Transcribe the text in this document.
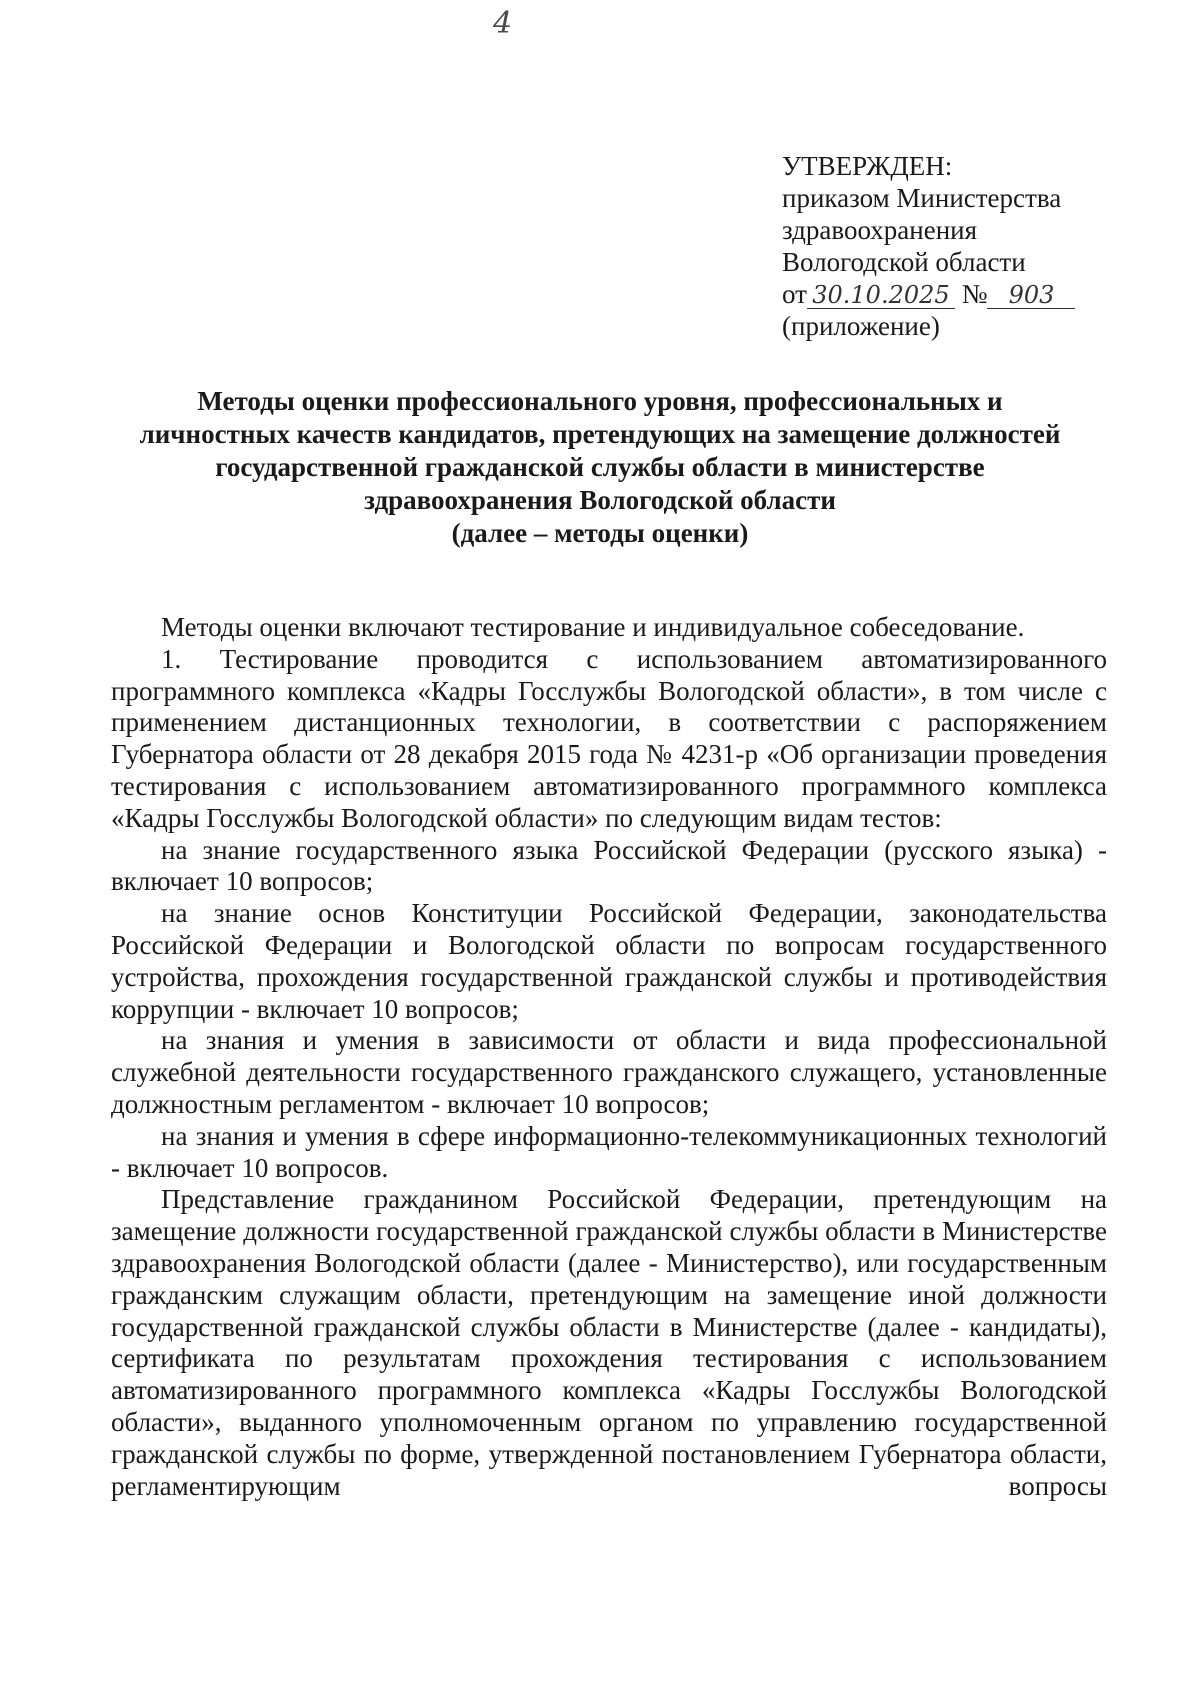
4
УТВЕРЖДЕН:
приказом Министерства
здравоохранения
Вологодской области
от 30.10.2025 № 903
(приложение)
Методы оценки профессионального уровня, профессиональных и
личностных качеств кандидатов, претендующих на замещение должностей
государственной гражданской службы области в министерстве
здравоохранения Вологодской области
(далее – методы оценки)

Методы оценки включают тестирование и индивидуальное собеседование.

1. Тестирование проводится с использованием автоматизированного программного комплекса «Кадры Госслужбы Вологодской области», в том числе с применением дистанционных технологии, в соответствии с распоряжением Губернатора области от 28 декабря 2015 года № 4231-р «Об организации проведения тестирования с использованием автоматизированного программного комплекса «Кадры Госслужбы Вологодской области» по следующим видам тестов:

на знание государственного языка Российской Федерации (русского языка) - включает 10 вопросов;

на знание основ Конституции Российской Федерации, законодательства Российской Федерации и Вологодской области по вопросам государственного устройства, прохождения государственной гражданской службы и противодействия коррупции - включает 10 вопросов;

на знания и умения в зависимости от области и вида профессиональной служебной деятельности государственного гражданского служащего, установленные должностным регламентом - включает 10 вопросов;

на знания и умения в сфере информационно-телекоммуникационных технологий - включает 10 вопросов.

Представление гражданином Российской Федерации, претендующим на замещение должности государственной гражданской службы области в Министерстве здравоохранения Вологодской области (далее - Министерство), или государственным гражданским служащим области, претендующим на замещение иной должности государственной гражданской службы области в Министерстве (далее - кандидаты), сертификата по результатам прохождения тестирования с использованием автоматизированного программного комплекса «Кадры Госслужбы Вологодской области», выданного уполномоченным органом по управлению государственной гражданской службы по форме, утвержденной постановлением Губернатора области, регламентирующим вопросы
